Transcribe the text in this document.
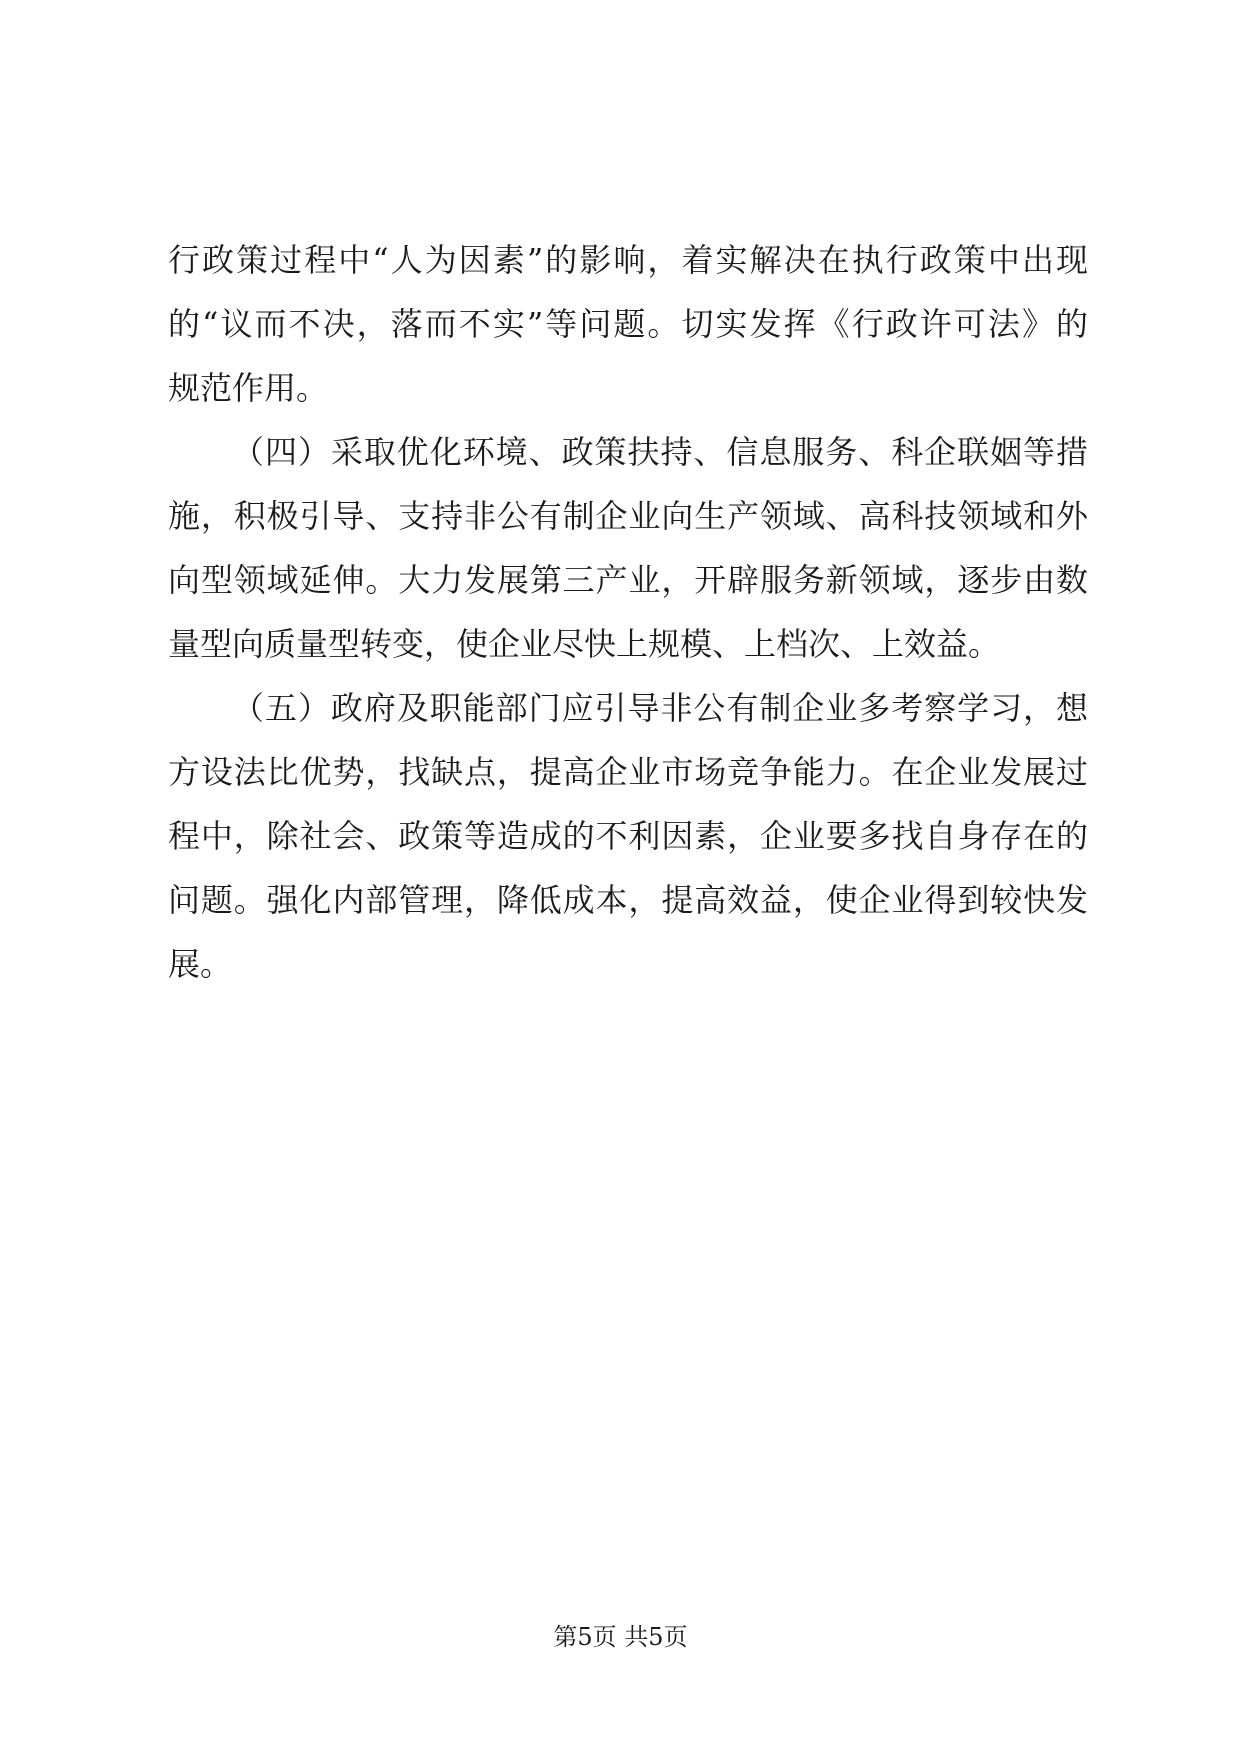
行政策过程中“人为因素”的影响，着实解决在执行政策中出现
的“议而不决，落而不实”等问题。切实发挥《行政许可法》的
规范作用。
（四）采取优化环境、政策扶持、信息服务、科企联姻等措
施，积极引导、支持非公有制企业向生产领域、高科技领域和外
向型领域延伸。大力发展第三产业，开辟服务新领域，逐步由数
量型向质量型转变，使企业尽快上规模、上档次、上效益。
（五）政府及职能部门应引导非公有制企业多考察学习，想
方设法比优势，找缺点，提高企业市场竞争能力。在企业发展过
程中，除社会、政策等造成的不利因素，企业要多找自身存在的
问题。强化内部管理，降低成本，提高效益，使企业得到较快发
展。
第5页 共5页
